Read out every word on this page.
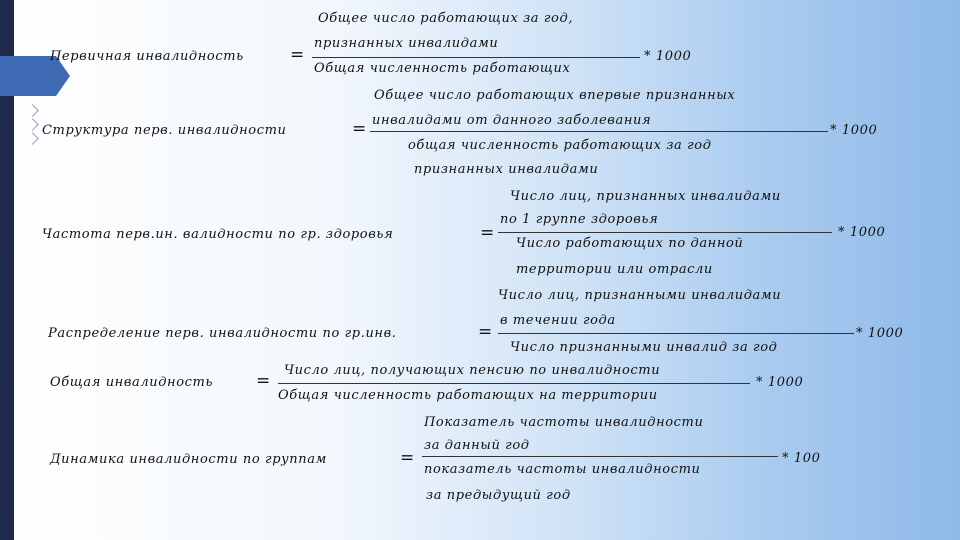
Первичная инвалидность	=
Общее число работающих за год,
признанных инвалидами
Общая численность работающих
* 1000
Структура перв. инвалидности	=
Общее число работающих впервые признанных
инвалидами от данного заболевания
общая численность работающих за год
признанных инвалидами
* 1000
Частота перв.ин. валидности по гр. здоровья	=
Число лиц, признанных инвалидами
по 1 группе здоровья
Число работающих по данной
территории или отрасли
* 1000
Распределение перв. инвалидности по гр.инв.	=
Число лиц, признанными инвалидами
в течении года
Число признанными инвалид за год
* 1000
Общая инвалидность	=
Число лиц, получающих пенсию по инвалидности
Общая численность работающих на территории
* 1000
Динамика инвалидности по группам	=
Показатель частоты инвалидности
за данный год
показатель частоты инвалидности
за предыдущий год
* 100
